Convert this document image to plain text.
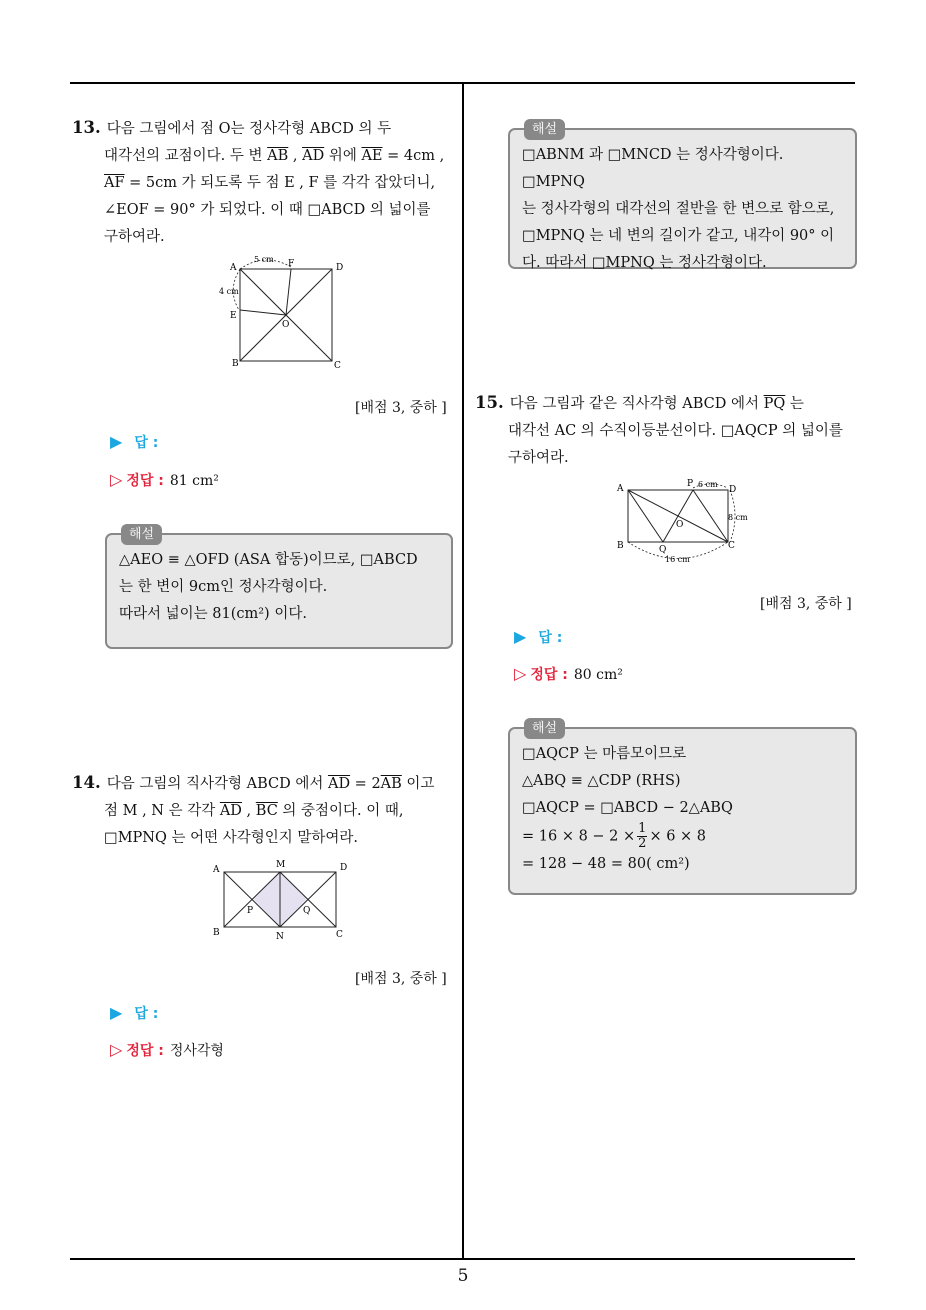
13. 다음 그림에서 점 O는 정사각형 ABCD 의 두
대각선의 교점이다. 두 변 $\overline{AB}$ , $\overline{AD}$ 위에 $\overline{AE} = 4cm$ ,
$\overline{AF} = 5cm$ 가 되도록 두 점 E , F 를 각각 잡았더니,
∠EOF = 90° 가 되었다. 이 때 □ABCD 의 넓이를
구하여라.
A	D
B	C
E
F
O
5 cm
4 cm
[배점 3, 중하 ]
▶ 답 :
▷ 정답 : 81 cm²
해설
△AEO ≡ △OFD (ASA 합동)이므로, □ABCD
는 한 변이 9cm인 정사각형이다.
따라서 넓이는 81(cm²) 이다.
14. 다음 그림의 직사각형 ABCD 에서 $\overline{AD} = 2\overline{AB}$ 이고
점 M , N 은 각각 $\overline{AD}$ , $\overline{BC}$ 의 중점이다. 이 때,
□MPNQ 는 어떤 사각형인지 말하여라.
A	M	D
B	N	C
P	Q
[배점 3, 중하 ]
▶ 답 :
▷ 정답 : 정사각형
해설
□ABNM 과 □MNCD 는 정사각형이다. □MPNQ
는 정사각형의 대각선의 절반을 한 변으로 함으로,
□MPNQ 는 네 변의 길이가 같고, 내각이 90° 이
다. 따라서 □MPNQ 는 정사각형이다.
15. 다음 그림과 같은 직사각형 ABCD 에서 $\overline{PQ}$ 는
대각선 AC 의 수직이등분선이다. □AQCP 의 넓이를
구하여라.
A	P
D
B	Q	C
O
6 cm
8 cm
16 cm
[배점 3, 중하 ]
▶ 답 :
▷ 정답 : 80 cm²
해설
□AQCP 는 마름모이므로
△ABQ ≡ △CDP (RHS)
□AQCP = □ABCD − 2△ABQ
= $16 \times 8 - 2 \times \frac{1}{2} \times 6 \times 8$
= 128 − 48 = 80( cm²)
5
